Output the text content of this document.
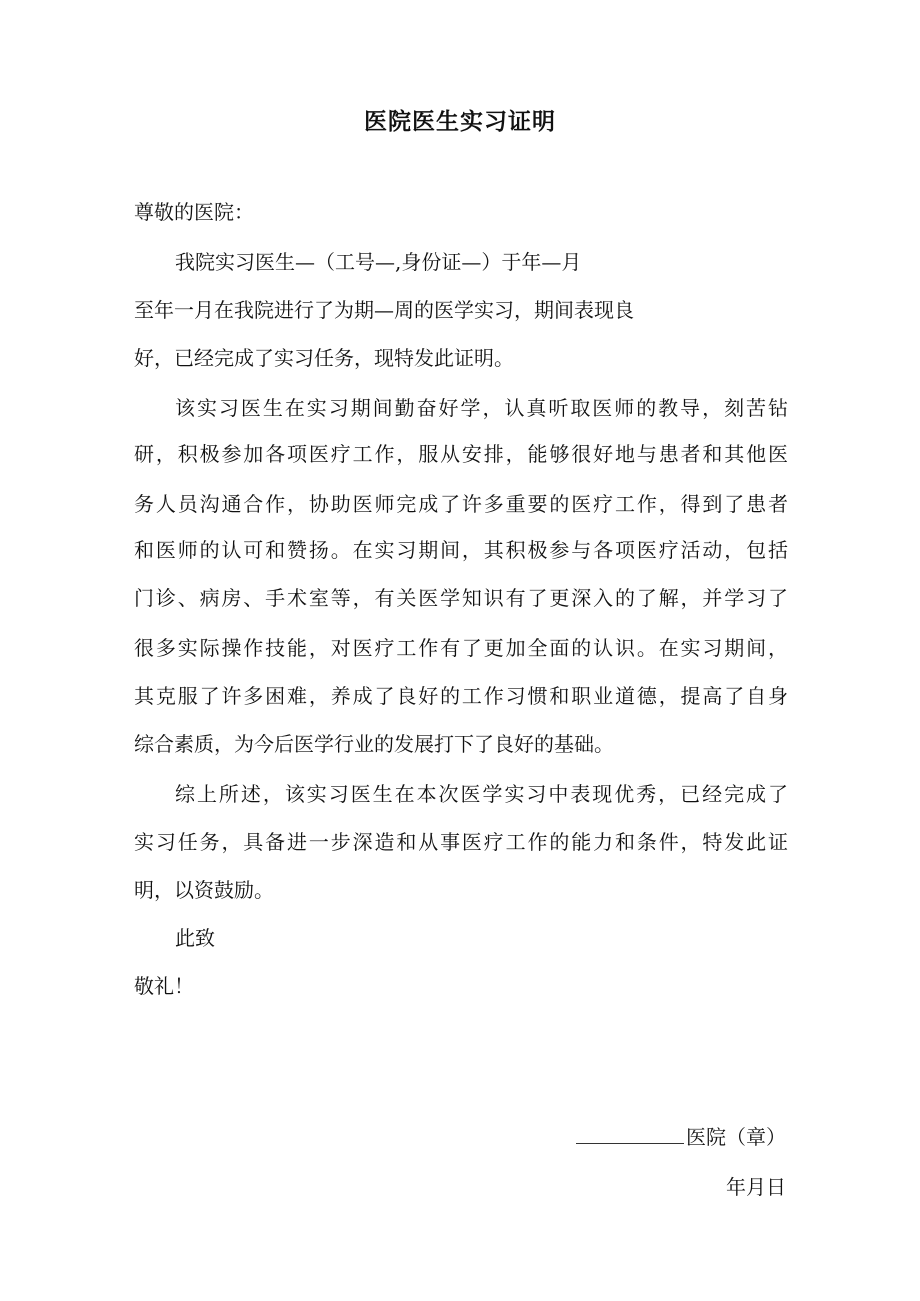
医院医生实习证明
尊敬的医院：
我院实习医生—（工号—,身份证—）于年—月
至年一月在我院进行了为期—周的医学实习，期间表现良
好，已经完成了实习任务，现特发此证明。
该实习医生在实习期间勤奋好学，认真听取医师的教导，刻苦钻
研，积极参加各项医疗工作，服从安排，能够很好地与患者和其他医
务人员沟通合作，协助医师完成了许多重要的医疗工作，得到了患者
和医师的认可和赞扬。在实习期间，其积极参与各项医疗活动，包括
门诊、病房、手术室等，有关医学知识有了更深入的了解，并学习了
很多实际操作技能，对医疗工作有了更加全面的认识。在实习期间，
其克服了许多困难，养成了良好的工作习惯和职业道德，提高了自身
综合素质，为今后医学行业的发展打下了良好的基础。
综上所述，该实习医生在本次医学实习中表现优秀，已经完成了
实习任务，具备进一步深造和从事医疗工作的能力和条件，特发此证
明，以资鼓励。
此致
敬礼！
医院（章）
年月日
